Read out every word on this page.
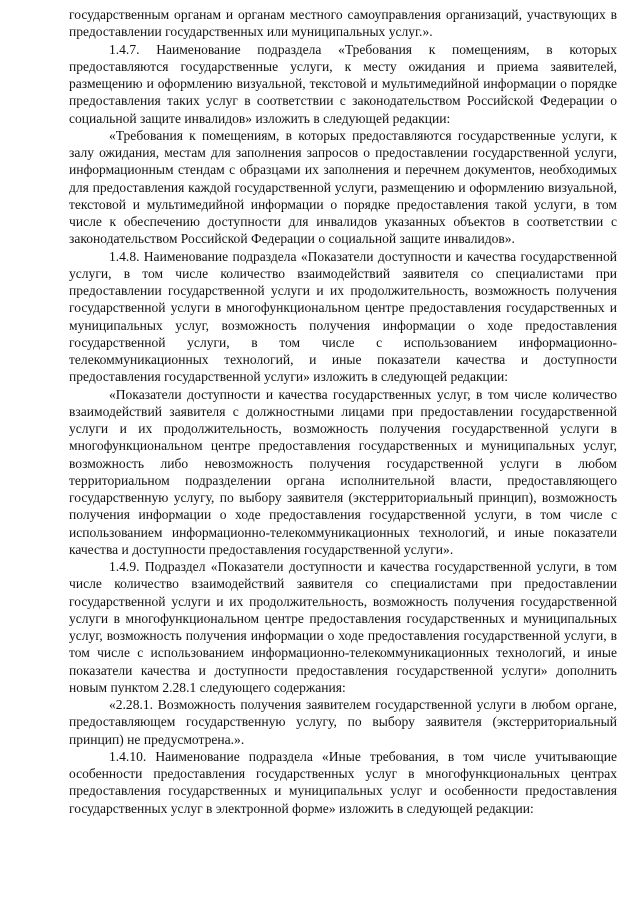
государственным органам и органам местного самоуправления организаций, участвующих в предоставлении государственных или муниципальных услуг.».

1.4.7. Наименование подраздела «Требования к помещениям, в которых предоставляются государственные услуги, к месту ожидания и приема заявителей, размещению и оформлению визуальной, текстовой и мультимедийной информации о порядке предоставления таких услуг в соответствии с законодательством Российской Федерации о социальной защите инвалидов» изложить в следующей редакции:

«Требования к помещениям, в которых предоставляются государственные услуги, к залу ожидания, местам для заполнения запросов о предоставлении государственной услуги, информационным стендам с образцами их заполнения и перечнем документов, необходимых для предоставления каждой государственной услуги, размещению и оформлению визуальной, текстовой и мультимедийной информации о порядке предоставления такой услуги, в том числе к обеспечению доступности для инвалидов указанных объектов в соответствии с законодательством Российской Федерации о социальной защите инвалидов».

1.4.8. Наименование подраздела «Показатели доступности и качества государственной услуги, в том числе количество взаимодействий заявителя со специалистами при предоставлении государственной услуги и их продолжительность, возможность получения государственной услуги в многофункциональном центре предоставления государственных и муниципальных услуг, возможность получения информации о ходе предоставления государственной услуги, в том числе с использованием информационно-телекоммуникационных технологий, и иные показатели качества и доступности предоставления государственной услуги» изложить в следующей редакции:

«Показатели доступности и качества государственных услуг, в том числе количество взаимодействий заявителя с должностными лицами при предоставлении государственной услуги и их продолжительность, возможность получения государственной услуги в многофункциональном центре предоставления государственных и муниципальных услуг, возможность либо невозможность получения государственной услуги в любом территориальном подразделении органа исполнительной власти, предоставляющего государственную услугу, по выбору заявителя (экстерриториальный принцип), возможность получения информации о ходе предоставления государственной услуги, в том числе с использованием информационно-телекоммуникационных технологий, и иные показатели качества и доступности предоставления государственной услуги».

1.4.9. Подраздел «Показатели доступности и качества государственной услуги, в том числе количество взаимодействий заявителя со специалистами при предоставлении государственной услуги и их продолжительность, возможность получения государственной услуги в многофункциональном центре предоставления государственных и муниципальных услуг, возможность получения информации о ходе предоставления государственной услуги, в том числе с использованием информационно-телекоммуникационных технологий, и иные показатели качества и доступности предоставления государственной услуги» дополнить новым пунктом 2.28.1 следующего содержания:

«2.28.1. Возможность получения заявителем государственной услуги в любом органе, предоставляющем государственную услугу, по выбору заявителя (экстерриториальный принцип) не предусмотрена.».

1.4.10. Наименование подраздела «Иные требования, в том числе учитывающие особенности предоставления государственных услуг в многофункциональных центрах предоставления государственных и муниципальных услуг и особенности предоставления государственных услуг в электронной форме» изложить в следующей редакции:
